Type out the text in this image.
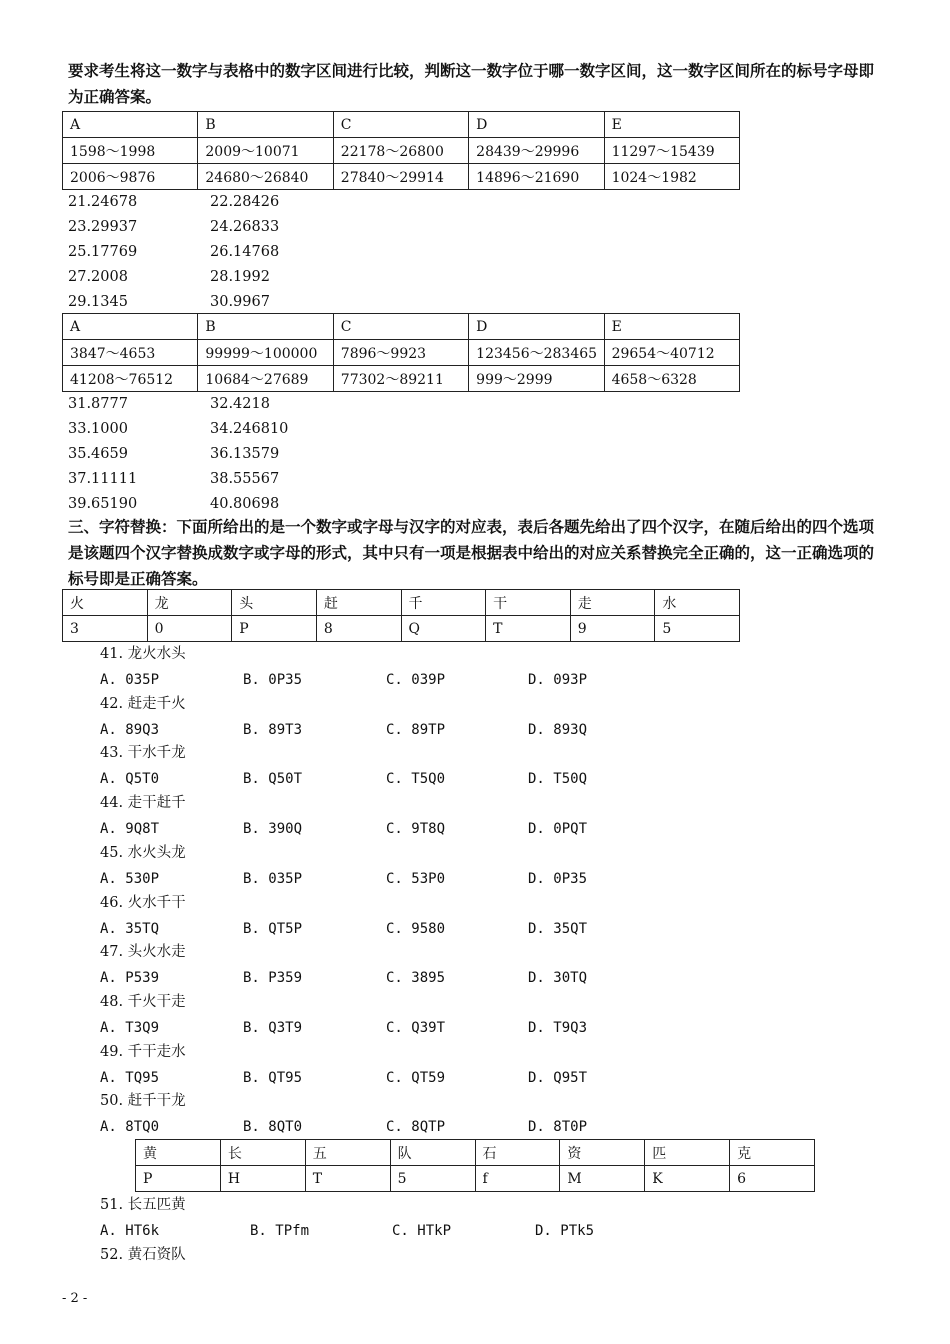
要求考生将这一数字与表格中的数字区间进行比较，判断这一数字位于哪一数字区间，这一数字区间所在的标号字母即为正确答案。
A	B	C	D	E
1598～1998	2009～10071	22178～26800	28439～29996	11297～15439
2006～9876	24680～26840	27840～29914	14896～21690	1024～1982
21.24678	22.28426
23.29937	24.26833
25.17769	26.14768
27.2008	28.1992
29.1345	30.9967
A	B	C	D	E
3847～4653	99999～100000	7896～9923	123456～283465	29654～40712
41208～76512	10684～27689	77302～89211	999～2999	4658～6328
31.8777	32.4218
33.1000	34.246810
35.4659	36.13579
37.11111	38.55567
39.65190	40.80698
三、字符替换：下面所给出的是一个数字或字母与汉字的对应表，表后各题先给出了四个汉字，在随后给出的四个选项是该题四个汉字替换成数字或字母的形式，其中只有一项是根据表中给出的对应关系替换完全正确的，这一正确选项的标号即是正确答案。
火	龙	头	赶	千	干	走	水
3	0	P	8	Q	T	9	5
41. 龙火水头
A. 035P	B. 0P35	C. 039P	D. 093P
42. 赶走千火
A. 89Q3	B. 89T3	C. 89TP	D. 893Q
43. 干水千龙
A. Q5T0	B. Q50T	C. T5Q0	D. T50Q
44. 走干赶千
A. 9Q8T	B. 390Q	C. 9T8Q	D. 0PQT
45. 水火头龙
A. 530P	B. 035P	C. 53P0	D. 0P35
46. 火水千干
A. 35TQ	B. QT5P	C. 9580	D. 35QT
47. 头火水走
A. P539	B. P359	C. 3895	D. 30TQ
48. 千火干走
A. T3Q9	B. Q3T9	C. Q39T	D. T9Q3
49. 千干走水
A. TQ95	B. QT95	C. QT59	D. Q95T
50. 赶千干龙
A. 8TQ0	B. 8QT0	C. 8QTP	D. 8T0P
黄	长	五	队	石	资	匹	克
P	H	T	5	f	M	K	6
51. 长五匹黄
A. HT6k	B. TPfm	C. HTkP	D. PTk5
52. 黄石资队
- 2 -
